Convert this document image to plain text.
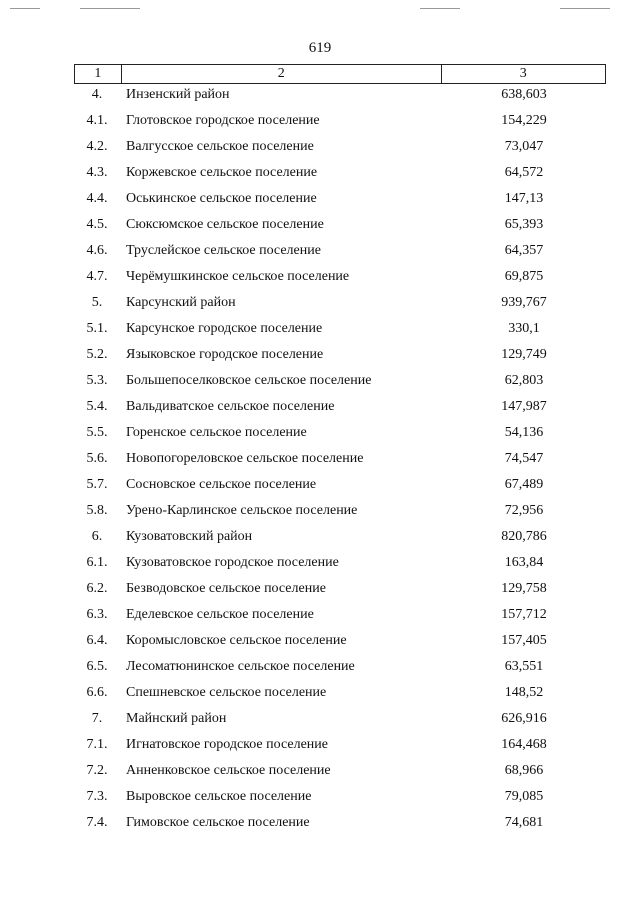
619
1	2	3
4.	Инзенский район	638,603
4.1.	Глотовское городское поселение	154,229
4.2.	Валгусское сельское поселение	73,047
4.3.	Коржевское сельское поселение	64,572
4.4.	Оськинское сельское поселение	147,13
4.5.	Сюксюмское сельское поселение	65,393
4.6.	Труслейское сельское поселение	64,357
4.7.	Черёмушкинское сельское поселение	69,875
5.	Карсунский район	939,767
5.1.	Карсунское городское поселение	330,1
5.2.	Языковское городское поселение	129,749
5.3.	Большепоселковское сельское поселение	62,803
5.4.	Вальдиватское сельское поселение	147,987
5.5.	Горенское сельское поселение	54,136
5.6.	Новопогореловское сельское поселение	74,547
5.7.	Сосновское сельское поселение	67,489
5.8.	Урено-Карлинское сельское поселение	72,956
6.	Кузоватовский район	820,786
6.1.	Кузоватовское городское поселение	163,84
6.2.	Безводовское сельское поселение	129,758
6.3.	Еделевское сельское поселение	157,712
6.4.	Коромысловское сельское поселение	157,405
6.5.	Лесоматюнинское сельское поселение	63,551
6.6.	Спешневское сельское поселение	148,52
7.	Майнский район	626,916
7.1.	Игнатовское городское поселение	164,468
7.2.	Анненковское сельское поселение	68,966
7.3.	Выровское сельское поселение	79,085
7.4.	Гимовское сельское поселение	74,681
